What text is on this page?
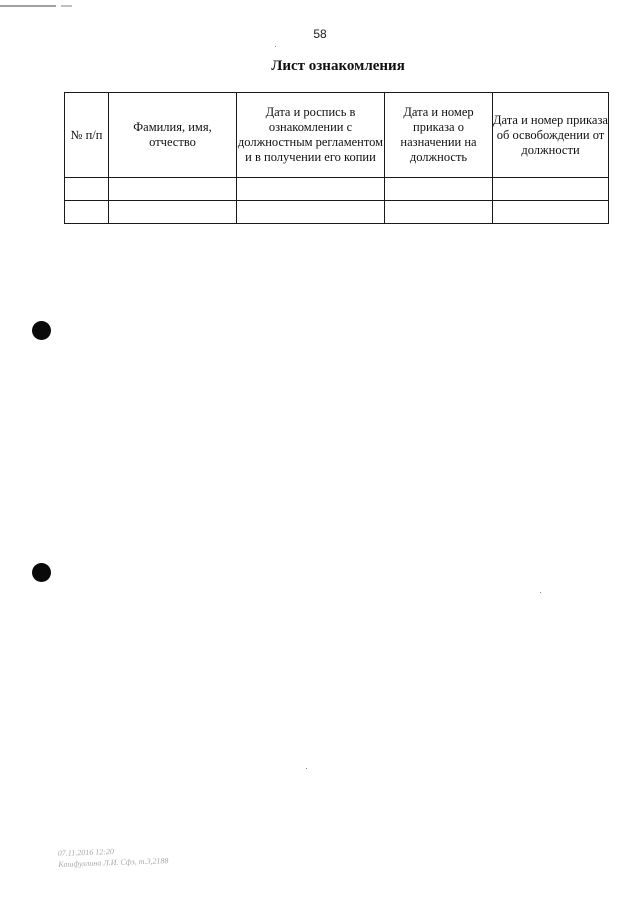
58
Лист ознакомления
№ п/п	Фамилия, имя, отчество	Дата и роспись в ознакомлении с должностным регламентом и в получении его копии	Дата и номер приказа о назначении на должность	Дата и номер приказа об освобождении от должности

07.11.2016 12:20
Кашфуллина Л.И. Сфз, т.3,2188
